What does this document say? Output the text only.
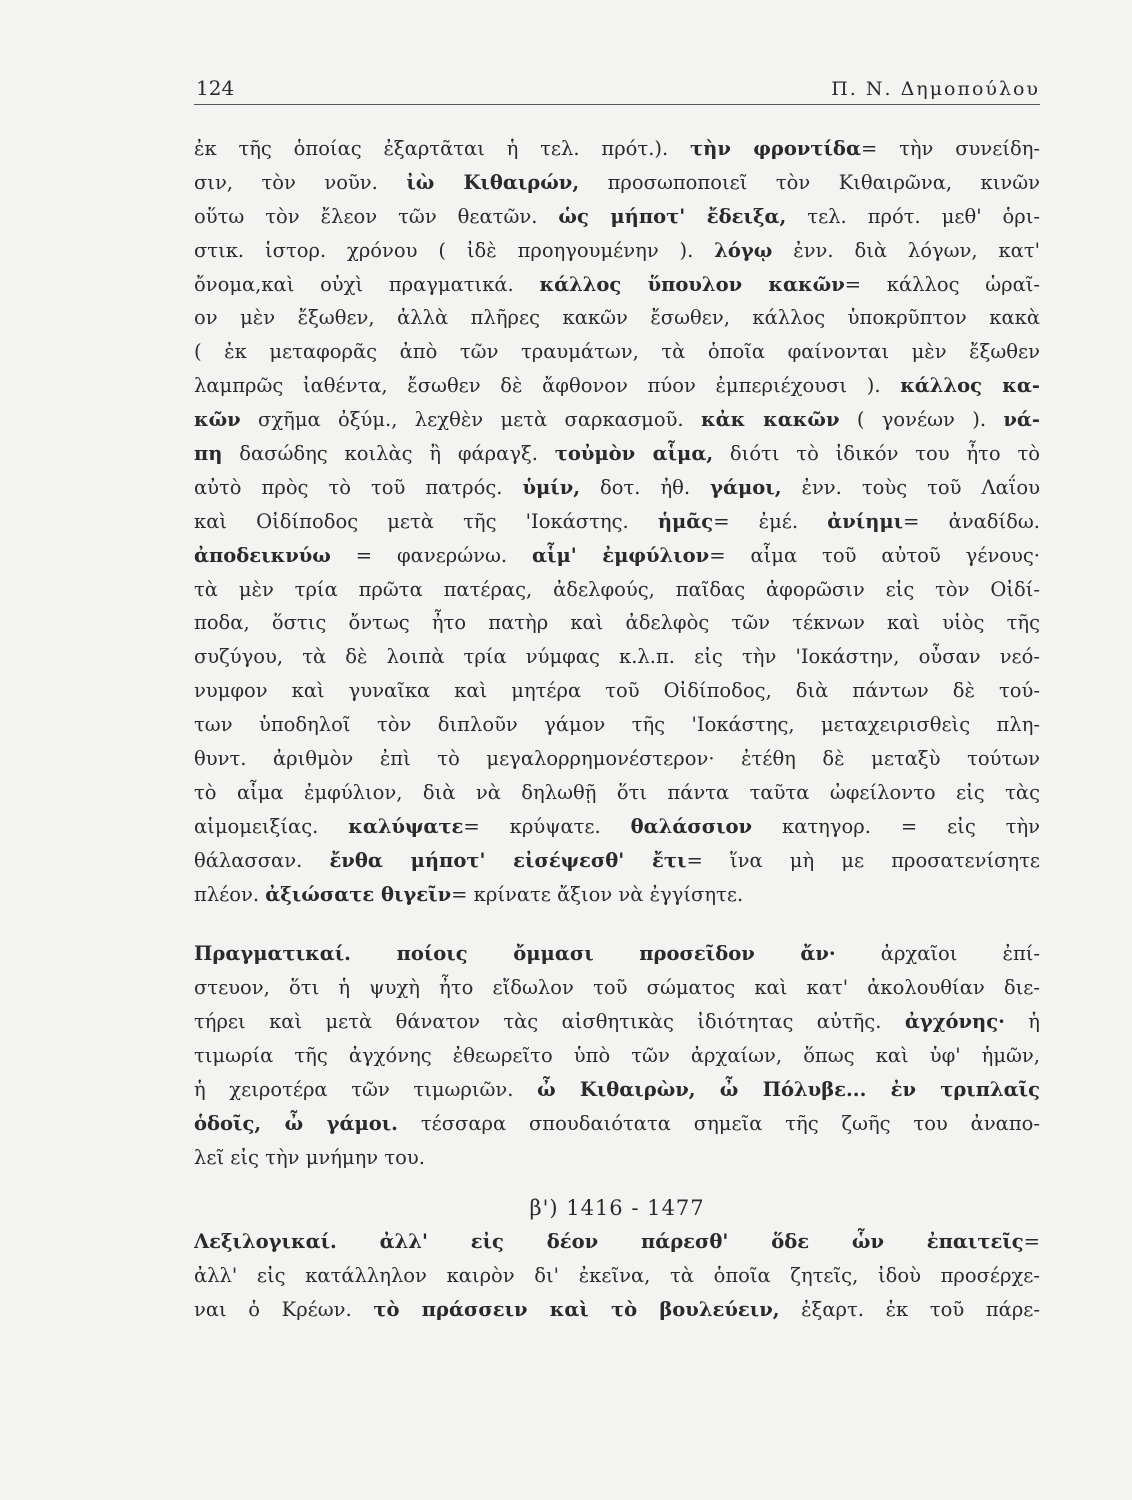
124	Π. Ν. Δημοπούλου
ἐκ τῆς ὁποίας ἐξαρτᾶται ἡ τελ. πρότ.). τὴν φροντίδα= τὴν συνείδη-
σιν, τὸν νοῦν. ἰὼ Κιθαιρών, προσωποποιεῖ τὸν Κιθαιρῶνα, κινῶν
οὕτω τὸν ἔλεον τῶν θεατῶν. ὡς μήποτ' ἔδειξα, τελ. πρότ. μεθ' ὁρι-
στικ. ἱστορ. χρόνου ( ἰδὲ προηγουμένην ). λόγῳ ἐνν. διὰ λόγων, κατ'
ὄνομα,καὶ οὐχὶ πραγματικά. κάλλος ὕπουλον κακῶν= κάλλος ὡραῖ-
ον μὲν ἔξωθεν, ἀλλὰ πλῆρες κακῶν ἔσωθεν, κάλλος ὑποκρῦπτον κακὰ
( ἐκ μεταφορᾶς ἀπὸ τῶν τραυμάτων, τὰ ὁποῖα φαίνονται μὲν ἔξωθεν
λαμπρῶς ἰαθέντα, ἔσωθεν δὲ ἄφθονον πύον ἐμπεριέχουσι ). κάλλος κα-
κῶν σχῆμα ὀξύμ., λεχθὲν μετὰ σαρκασμοῦ. κἀκ κακῶν ( γονέων ). νά-
πη δασώδης κοιλὰς ἢ φάραγξ. τοὐμὸν αἷμα, διότι τὸ ἰδικόν του ἦτο τὸ
αὐτὸ πρὸς τὸ τοῦ πατρός. ὑμίν, δοτ. ἠθ. γάμοι, ἐνν. τοὺς τοῦ Λαΐου
καὶ Οἰδίποδος μετὰ τῆς 'Ιοκάστης. ἡμᾶς= ἐμέ. ἀνίημι= ἀναδίδω.
ἀποδεικνύω = φανερώνω. αἷμ' ἐμφύλιον= αἷμα τοῦ αὐτοῦ γένους·
τὰ μὲν τρία πρῶτα πατέρας, ἀδελφούς, παῖδας ἀφορῶσιν εἰς τὸν Οἰδί-
ποδα, ὅστις ὄντως ἦτο πατὴρ καὶ ἀδελφὸς τῶν τέκνων καὶ υἱὸς τῆς
συζύγου, τὰ δὲ λοιπὰ τρία νύμφας κ.λ.π. εἰς τὴν 'Ιοκάστην, οὖσαν νεό-
νυμφον καὶ γυναῖκα καὶ μητέρα τοῦ Οἰδίποδος, διὰ πάντων δὲ τού-
των ὑποδηλοῖ τὸν διπλοῦν γάμον τῆς 'Ιοκάστης, μεταχειρισθεὶς πλη-
θυντ. ἀριθμὸν ἐπὶ τὸ μεγαλορρημονέστερον· ἐτέθη δὲ μεταξὺ τούτων
τὸ αἷμα ἐμφύλιον, διὰ νὰ δηλωθῇ ὅτι πάντα ταῦτα ὠφείλοντο εἰς τὰς
αἱμομειξίας. καλύψατε= κρύψατε. θαλάσσιον κατηγορ. = εἰς τὴν
θάλασσαν. ἔνθα μήποτ' εἰσέψεσθ' ἔτι= ἵνα μὴ με προσατενίσητε
πλέον. ἀξιώσατε θιγεῖν= κρίνατε ἄξιον νὰ ἐγγίσητε.
Πραγματικαί. ποίοις ὄμμασι προσεῖδον ἄν· ἀρχαῖοι ἐπί-
στευον, ὅτι ἡ ψυχὴ ἦτο εἴδωλον τοῦ σώματος καὶ κατ' ἀκολουθίαν διε-
τήρει καὶ μετὰ θάνατον τὰς αἰσθητικὰς ἰδιότητας αὐτῆς. ἀγχόνης· ἡ
τιμωρία τῆς ἀγχόνης ἐθεωρεῖτο ὑπὸ τῶν ἀρχαίων, ὅπως καὶ ὑφ' ἡμῶν,
ἡ χειροτέρα τῶν τιμωριῶν. ὦ Κιθαιρὼν, ὦ Πόλυβε... ἐν τριπλαῖς
ὁδοῖς, ὦ γάμοι. τέσσαρα σπουδαιότατα σημεῖα τῆς ζωῆς του ἀναπο-
λεῖ εἰς τὴν μνήμην του.
β') 1416 - 1477
Λεξιλογικαί. ἀλλ' εἰς δέον πάρεσθ' ὅδε ὧν ἐπαιτεῖς=
ἀλλ' εἰς κατάλληλον καιρὸν δι' ἐκεῖνα, τὰ ὁποῖα ζητεῖς, ἰδοὺ προσέρχε-
ναι ὁ Κρέων. τὸ πράσσειν καὶ τὸ βουλεύειν, ἐξαρτ. ἐκ τοῦ πάρε-
